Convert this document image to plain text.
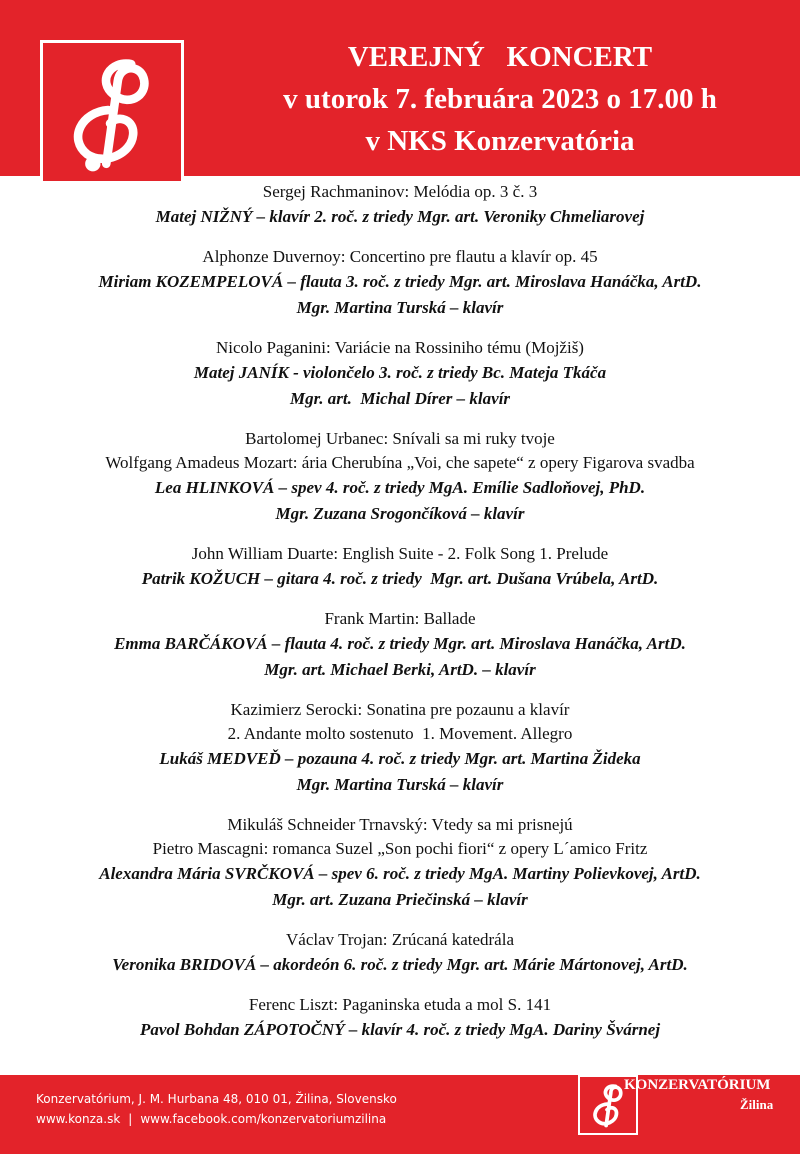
VEREJNÝ   KONCERT
v utorok 7. februára 2023 o 17.00 h
v NKS Konzervatória
Sergej Rachmaninov: Melódia op. 3 č. 3
Matej NIŽNÝ – klavír 2. roč. z triedy Mgr. art. Veroniky Chmeliarovej
Alphonze Duvernoy: Concertino pre flautu a klavír op. 45
Miriam KOZEMPELOVÁ – flauta 3. roč. z triedy Mgr. art. Miroslava Hanáčka, ArtD.
Mgr. Martina Turská – klavír
Nicolo Paganini: Variácie na Rossiniho tému (Mojžiš)
Matej JANÍK - violončelo 3. roč. z triedy Bc. Mateja Tkáča
Mgr. art.  Michal Dírer – klavír
Bartolomej Urbanec: Snívali sa mi ruky tvoje
Wolfgang Amadeus Mozart: ária Cherubína „Voi, che sapete“ z opery Figarova svadba
Lea HLINKOVÁ – spev 4. roč. z triedy MgA. Emílie Sadloňovej, PhD.
Mgr. Zuzana Srogončíková – klavír
John William Duarte: English Suite - 2. Folk Song 1. Prelude
Patrik KOŽUCH – gitara 4. roč. z triedy  Mgr. art. Dušana Vrúbela, ArtD.
Frank Martin: Ballade
Emma BARČÁKOVÁ – flauta 4. roč. z triedy Mgr. art. Miroslava Hanáčka, ArtD.
Mgr. art. Michael Berki, ArtD. – klavír
Kazimierz Serocki: Sonatina pre pozaunu a klavír
2. Andante molto sostenuto  1. Movement. Allegro
Lukáš MEDVEĎ – pozauna 4. roč. z triedy Mgr. art. Martina Žideka
Mgr. Martina Turská – klavír
Mikuláš Schneider Trnavský: Vtedy sa mi prisnejú
Pietro Mascagni: romanca Suzel „Son pochi fiori“ z opery L´amico Fritz
Alexandra Mária SVRČKOVÁ – spev 6. roč. z triedy MgA. Martiny Polievkovej, ArtD.
Mgr. art. Zuzana Priečinská – klavír
Václav Trojan: Zrúcaná katedrála
Veronika BRIDOVÁ – akordeón 6. roč. z triedy Mgr. art. Márie Mártonovej, ArtD.
Ferenc Liszt: Paganinska etuda a mol S. 141
Pavol Bohdan ZÁPOTOČNÝ – klavír 4. roč. z triedy MgA. Dariny Švárnej
Konzervatórium, J. M. Hurbana 48, 010 01, Žilina, Slovensko
www.konza.sk | www.facebook.com/konzervatoriumzilina
KONZERVATÓRIUM
Žilina
